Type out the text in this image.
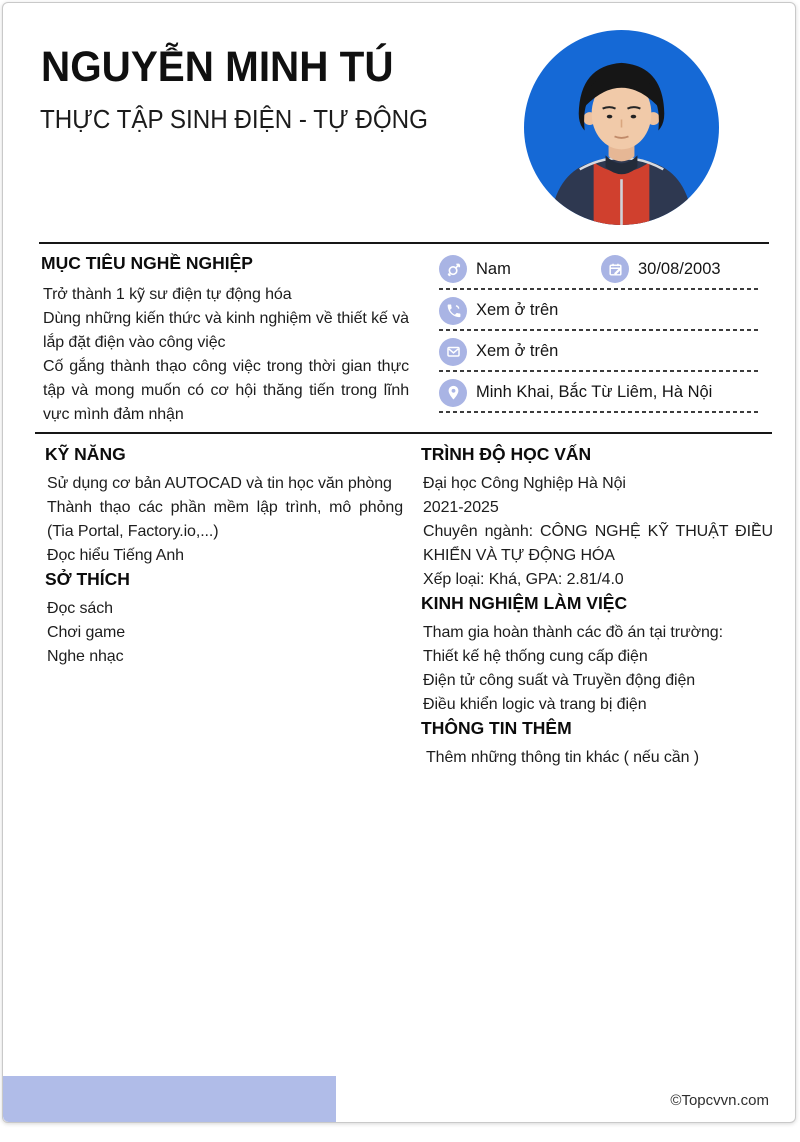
NGUYỄN MINH TÚ
THỰC TẬP SINH ĐIỆN - TỰ ĐỘNG
MỤC TIÊU NGHỀ NGHIỆP

Trở thành 1 kỹ sư điện tự động hóa

Dùng những kiến thức và kinh nghiệm về thiết kế và lắp đặt điện vào công việc

Cố gắng thành thạo công việc trong thời gian thực tập và mong muốn có cơ hội thăng tiến trong lĩnh vực mình đảm nhận

Nam	30/08/2003
Xem ở trên
Xem ở trên
Minh Khai, Bắc Từ Liêm, Hà Nội
KỸ NĂNG

Sử dụng cơ bản AUTOCAD và tin học văn phòng

Thành thạo các phần mềm lập trình, mô phỏng (Tia Portal, Factory.io,...)

Đọc hiểu Tiếng Anh

SỞ THÍCH

Đọc sách

Chơi game

Nghe nhạc

TRÌNH ĐỘ HỌC VẤN

Đại học Công Nghiệp Hà Nội

2021-2025

Chuyên ngành: CÔNG NGHỆ KỸ THUẬT ĐIỀU KHIỂN VÀ TỰ ĐỘNG HÓA

Xếp loại: Khá, GPA: 2.81/4.0

KINH NGHIỆM LÀM VIỆC

Tham gia hoàn thành các đồ án tại trường:

Thiết kế hệ thống cung cấp điện

Điện tử công suất và Truyền động điện

Điều khiển logic và trang bị điện

THÔNG TIN THÊM

Thêm những thông tin khác ( nếu cần )

©Topcvvn.com
